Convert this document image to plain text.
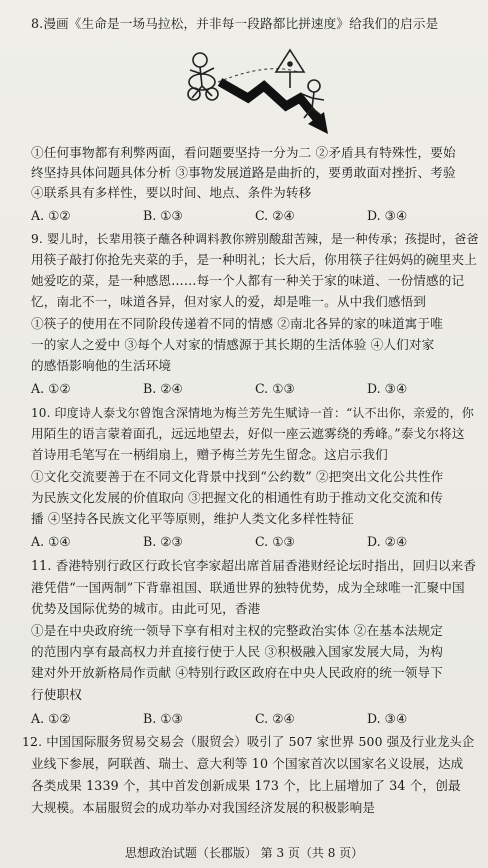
8.漫画《生命是一场马拉松，并非每一段路都比拼速度》给我们的启示是
①任何事物都有利弊两面，看问题要坚持一分为二 ②矛盾具有特殊性，要始
终坚持具体问题具体分析 ③事物发展道路是曲折的，要勇敢面对挫折、考验
④联系具有多样性，要以时间、地点、条件为转移
A. ①②	B. ①③	C. ②④	D. ③④
9. 婴儿时，长辈用筷子蘸各种调料教你辨别酸甜苦辣，是一种传承；孩提时，爸爸
用筷子敲打你抢先夹菜的手，是一种明礼；长大后，你用筷子往妈妈的碗里夹上
她爱吃的菜，是一种感恩……每一个人都有一种关于家的味道、一份情感的记
忆，南北不一，味道各异，但对家人的爱，却是唯一。从中我们感悟到
①筷子的使用在不同阶段传递着不同的情感 ②南北各异的家的味道寓于唯
一的家人之爱中 ③每个人对家的情感源于其长期的生活体验 ④人们对家
的感悟影响他的生活环境
A. ①②	B. ②④	C. ①③	D. ③④
10. 印度诗人泰戈尔曾饱含深情地为梅兰芳先生赋诗一首：“认不出你，亲爱的，你
用陌生的语言蒙着面孔，远远地望去，好似一座云遮雾绕的秀峰。”泰戈尔将这
首诗用毛笔写在一柄绢扇上，赠予梅兰芳先生留念。这启示我们
①文化交流要善于在不同文化背景中找到“公约数” ②把突出文化公共性作
为民族文化发展的价值取向 ③把握文化的相通性有助于推动文化交流和传
播 ④坚持各民族文化平等原则，维护人类文化多样性特征
A. ①④	B. ②③	C. ①③	D. ②④
11. 香港特别行政区行政长官李家超出席首届香港财经论坛时指出，回归以来香
港凭借“一国两制”下背靠祖国、联通世界的独特优势，成为全球唯一汇聚中国
优势及国际优势的城市。由此可见，香港
①是在中央政府统一领导下享有相对主权的完整政治实体 ②在基本法规定
的范围内享有最高权力并直接行使于人民 ③积极融入国家发展大局，为构
建对外开放新格局作贡献 ④特别行政区政府在中央人民政府的统一领导下
行使职权
A. ①②	B. ①③	C. ②④	D. ③④
12. 中国国际服务贸易交易会（服贸会）吸引了 507 家世界 500 强及行业龙头企
业线下参展，阿联酋、瑞士、意大利等 10 个国家首次以国家名义设展，达成
各类成果 1339 个，其中首发创新成果 173 个，比上届增加了 34 个，创最
大规模。本届服贸会的成功举办对我国经济发展的积极影响是
思想政治试题（长郡版） 第 3 页（共 8 页）
